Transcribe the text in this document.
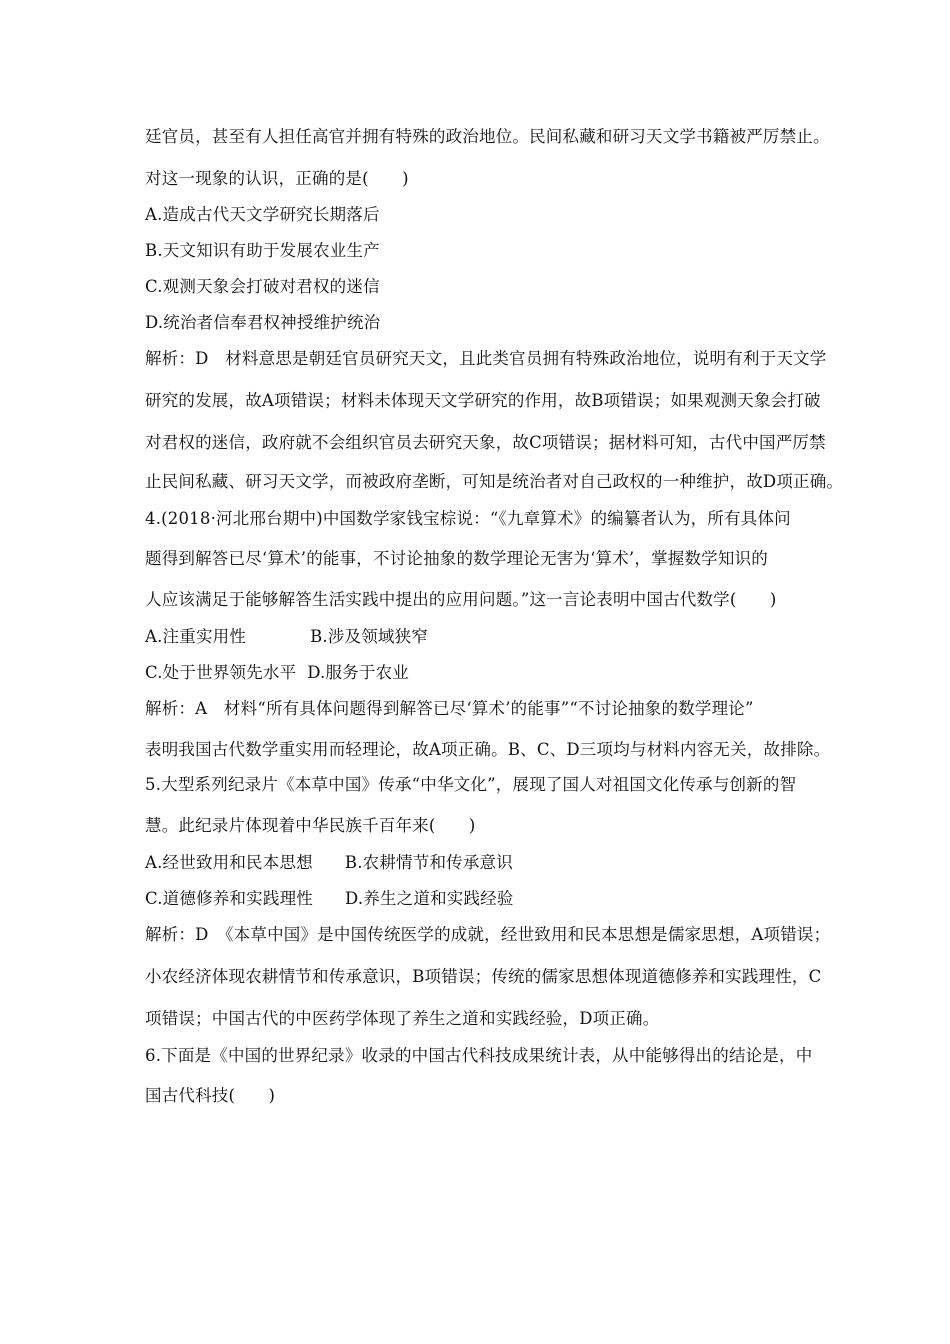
廷官员，甚至有人担任高官并拥有特殊的政治地位。民间私藏和研习天文学书籍被严厉禁止。
对这一现象的认识，正确的是(　　)
A.造成古代天文学研究长期落后
B.天文知识有助于发展农业生产
C.观测天象会打破对君权的迷信
D.统治者信奉君权神授维护统治
解析：D　材料意思是朝廷官员研究天文，且此类官员拥有特殊政治地位，说明有利于天文学
研究的发展，故A项错误；材料未体现天文学研究的作用，故B项错误；如果观测天象会打破
对君权的迷信，政府就不会组织官员去研究天象，故C项错误；据材料可知，古代中国严厉禁
止民间私藏、研习天文学，而被政府垄断，可知是统治者对自己政权的一种维护，故D项正确。
4.(2018·河北邢台期中)中国数学家钱宝棕说：“《九章算术》的编纂者认为，所有具体问
题得到解答已尽‘算术’的能事，不讨论抽象的数学理论无害为‘算术’，掌握数学知识的
人应该满足于能够解答生活实践中提出的应用问题。”这一言论表明中国古代数学(　　)
A.注重实用性	B.涉及领域狭窄
C.处于世界领先水平 D.服务于农业
解析：A　材料“所有具体问题得到解答已尽‘算术’的能事”“不讨论抽象的数学理论”
表明我国古代数学重实用而轻理论，故A项正确。B、C、D三项均与材料内容无关，故排除。
5.大型系列纪录片《本草中国》传承“中华文化”，展现了国人对祖国文化传承与创新的智
慧。此纪录片体现着中华民族千百年来(　　)
A.经世致用和民本思想 B.农耕情节和传承意识
C.道德修养和实践理性 D.养生之道和实践经验
解析：D　《本草中国》是中国传统医学的成就，经世致用和民本思想是儒家思想，A项错误；
小农经济体现农耕情节和传承意识，B项错误；传统的儒家思想体现道德修养和实践理性，C
项错误；中国古代的中医药学体现了养生之道和实践经验，D项正确。
6.下面是《中国的世界纪录》收录的中国古代科技成果统计表，从中能够得出的结论是，中
国古代科技(　　)
